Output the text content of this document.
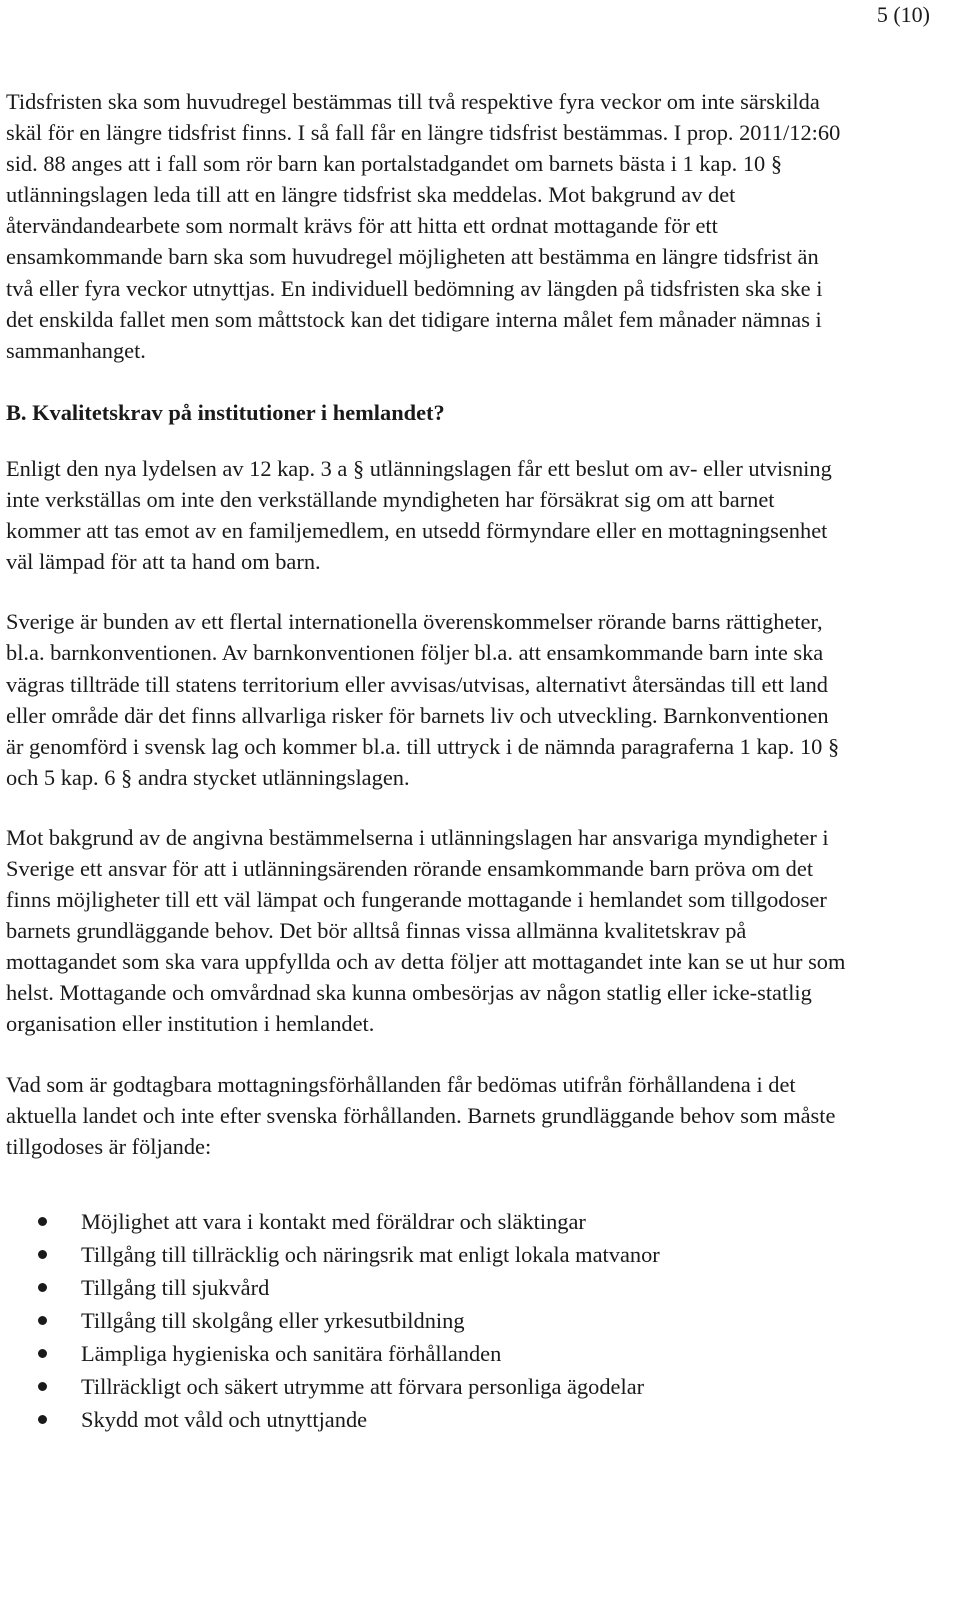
5 (10)

Tidsfristen ska som huvudregel bestämmas till två respektive fyra veckor om inte särskilda skäl för en längre tidsfrist finns. I så fall får en längre tidsfrist bestämmas. I prop. 2011/12:60 sid. 88 anges att i fall som rör barn kan portalstadgandet om barnets bästa i 1 kap. 10 § utlänningslagen leda till att en längre tidsfrist ska meddelas. Mot bakgrund av det återvändandearbete som normalt krävs för att hitta ett ordnat mottagande för ett ensamkommande barn ska som huvudregel möjligheten att bestämma en längre tidsfrist än två eller fyra veckor utnyttjas. En individuell bedömning av längden på tidsfristen ska ske i det enskilda fallet men som måttstock kan det tidigare interna målet fem månader nämnas i sammanhanget.

B. Kvalitetskrav på institutioner i hemlandet?

Enligt den nya lydelsen av 12 kap. 3 a § utlänningslagen får ett beslut om av- eller utvisning inte verkställas om inte den verkställande myndigheten har försäkrat sig om att barnet kommer att tas emot av en familjemedlem, en utsedd förmyndare eller en mottagningsenhet väl lämpad för att ta hand om barn.

Sverige är bunden av ett flertal internationella överenskommelser rörande barns rättigheter, bl.a. barnkonventionen. Av barnkonventionen följer bl.a. att ensamkommande barn inte ska vägras tillträde till statens territorium eller avvisas/utvisas, alternativt återsändas till ett land eller område där det finns allvarliga risker för barnets liv och utveckling. Barnkonventionen är genomförd i svensk lag och kommer bl.a. till uttryck i de nämnda paragraferna 1 kap. 10 § och 5 kap. 6 § andra stycket utlänningslagen.

Mot bakgrund av de angivna bestämmelserna i utlänningslagen har ansvariga myndigheter i Sverige ett ansvar för att i utlänningsärenden rörande ensamkommande barn pröva om det finns möjligheter till ett väl lämpat och fungerande mottagande i hemlandet som tillgodoser barnets grundläggande behov. Det bör alltså finnas vissa allmänna kvalitetskrav på mottagandet som ska vara uppfyllda och av detta följer att mottagandet inte kan se ut hur som helst. Mottagande och omvårdnad ska kunna ombesörjas av någon statlig eller icke-statlig organisation eller institution i hemlandet.

Vad som är godtagbara mottagningsförhållanden får bedömas utifrån förhållandena i det aktuella landet och inte efter svenska förhållanden. Barnets grundläggande behov som måste tillgodoses är följande:

Möjlighet att vara i kontakt med föräldrar och släktingar
Tillgång till tillräcklig och näringsrik mat enligt lokala matvanor
Tillgång till sjukvård
Tillgång till skolgång eller yrkesutbildning
Lämpliga hygieniska och sanitära förhållanden
Tillräckligt och säkert utrymme att förvara personliga ägodelar
Skydd mot våld och utnyttjande
